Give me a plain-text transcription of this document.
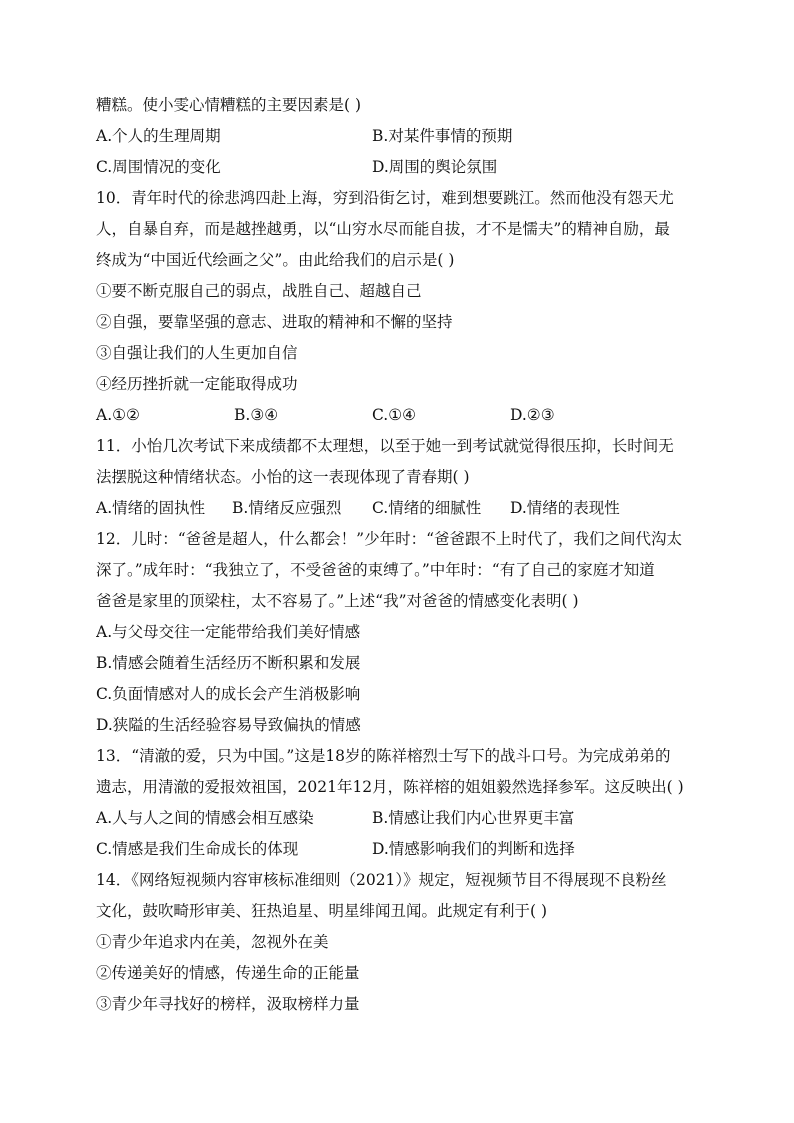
糟糕。使小雯心情糟糕的主要因素是( )
A.个人的生理周期	B.对某件事情的预期
C.周围情况的变化	D.周围的舆论氛围
10．青年时代的徐悲鸿四赴上海，穷到沿街乞讨，难到想要跳江。然而他没有怨天尤
人，自暴自弃，而是越挫越勇，以“山穷水尽而能自拔，才不是懦夫”的精神自励，最
终成为“中国近代绘画之父”。由此给我们的启示是( )
①要不断克服自己的弱点，战胜自己、超越自己
②自强，要靠坚强的意志、进取的精神和不懈的坚持
③自强让我们的人生更加自信
④经历挫折就一定能取得成功
A.①②	B.③④	C.①④	D.②③
11．小怡几次考试下来成绩都不太理想，以至于她一到考试就觉得很压抑，长时间无
法摆脱这种情绪状态。小怡的这一表现体现了青春期( )
A.情绪的固执性 B.情绪反应强烈 C.情绪的细腻性 D.情绪的表现性
12．儿时：“爸爸是超人，什么都会！”少年时：“爸爸跟不上时代了，我们之间代沟太
深了。”成年时：“我独立了，不受爸爸的束缚了。”中年时：“有了自己的家庭才知道
爸爸是家里的顶梁柱，太不容易了。”上述“我”对爸爸的情感变化表明( )
A.与父母交往一定能带给我们美好情感
B.情感会随着生活经历不断积累和发展
C.负面情感对人的成长会产生消极影响
D.狭隘的生活经验容易导致偏执的情感
13．“清澈的爱，只为中国。”这是18岁的陈祥榕烈士写下的战斗口号。为完成弟弟的
遗志，用清澈的爱报效祖国，2021年12月，陈祥榕的姐姐毅然选择参军。这反映出( )
A.人与人之间的情感会相互感染	B.情感让我们内心世界更丰富
C.情感是我们生命成长的体现	D.情感影响我们的判断和选择
14．《网络短视频内容审核标准细则（2021）》规定，短视频节目不得展现不良粉丝
文化，鼓吹畸形审美、狂热追星、明星绯闻丑闻。此规定有利于( )
①青少年追求内在美，忽视外在美
②传递美好的情感，传递生命的正能量
③青少年寻找好的榜样，汲取榜样力量
